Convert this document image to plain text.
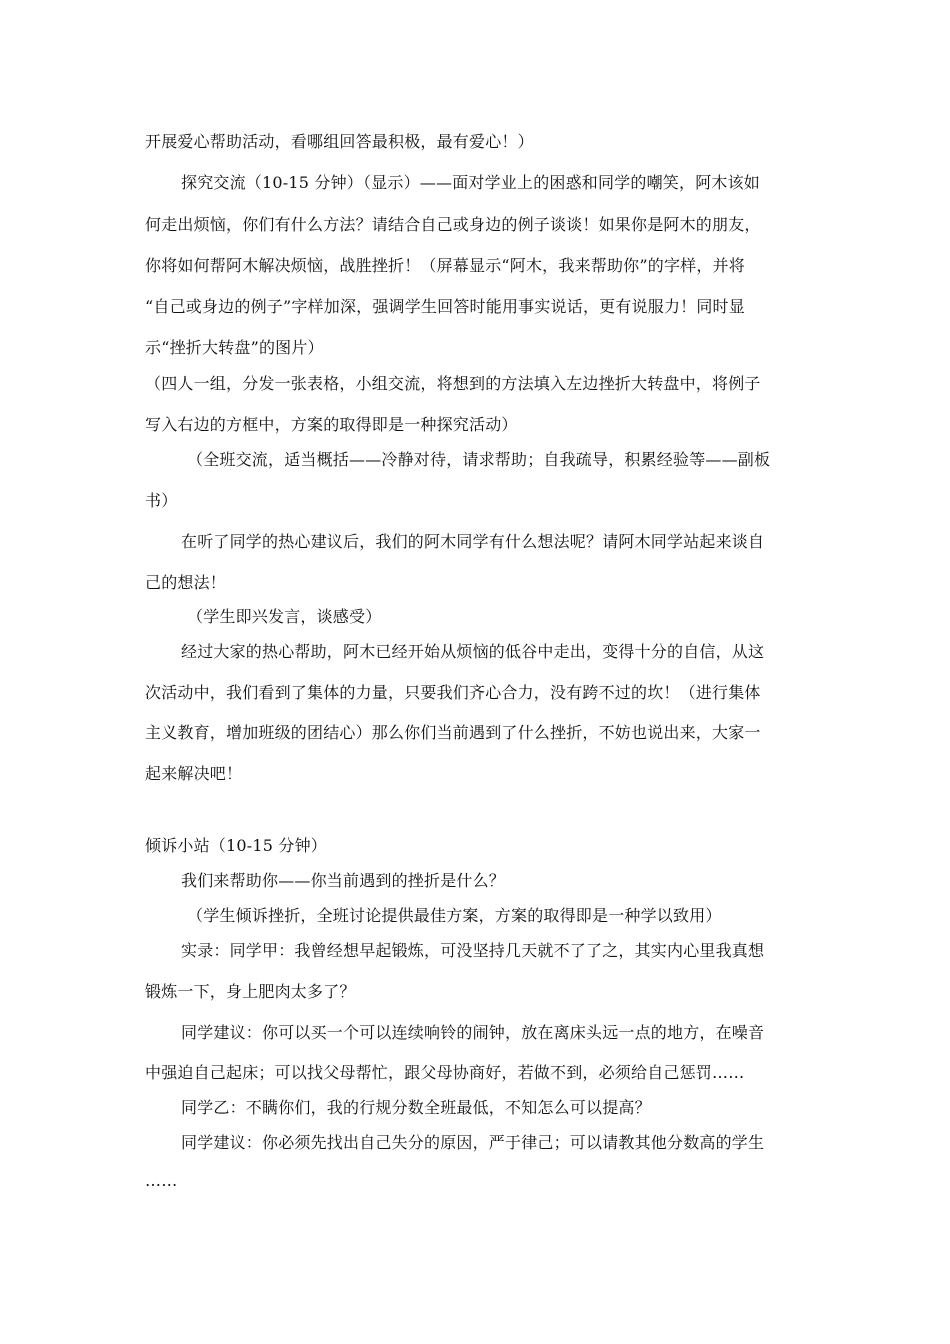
开展爱心帮助活动，看哪组回答最积极，最有爱心！）
探究交流（10-15 分钟）（显示）——面对学业上的困惑和同学的嘲笑，阿木该如
何走出烦恼，你们有什么方法？请结合自己或身边的例子谈谈！如果你是阿木的朋友，
你将如何帮阿木解决烦恼，战胜挫折！（屏幕显示“阿木，我来帮助你”的字样，并将
“自己或身边的例子”字样加深，强调学生回答时能用事实说话，更有说服力！同时显
示“挫折大转盘”的图片）
（四人一组，分发一张表格，小组交流，将想到的方法填入左边挫折大转盘中，将例子
写入右边的方框中，方案的取得即是一种探究活动）
（全班交流，适当概括——冷静对待，请求帮助；自我疏导，积累经验等——副板
书）
在听了同学的热心建议后，我们的阿木同学有什么想法呢？请阿木同学站起来谈自
己的想法！
（学生即兴发言，谈感受）
经过大家的热心帮助，阿木已经开始从烦恼的低谷中走出，变得十分的自信，从这
次活动中，我们看到了集体的力量，只要我们齐心合力，没有跨不过的坎！（进行集体
主义教育，增加班级的团结心）那么你们当前遇到了什么挫折，不妨也说出来，大家一
起来解决吧！
倾诉小站（10-15 分钟）
我们来帮助你——你当前遇到的挫折是什么？
（学生倾诉挫折，全班讨论提供最佳方案，方案的取得即是一种学以致用）
实录：同学甲：我曾经想早起锻炼，可没坚持几天就不了了之，其实内心里我真想
锻炼一下，身上肥肉太多了？
同学建议：你可以买一个可以连续响铃的闹钟，放在离床头远一点的地方，在噪音
中强迫自己起床；可以找父母帮忙，跟父母协商好，若做不到，必须给自己惩罚……
同学乙：不瞒你们，我的行规分数全班最低，不知怎么可以提高？
同学建议：你必须先找出自己失分的原因，严于律己；可以请教其他分数高的学生
……
